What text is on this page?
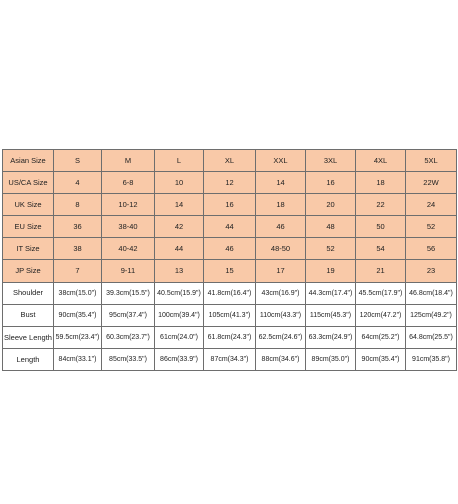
Asian Size	S	M	L	XL	XXL	3XL	4XL	5XL
US/CA Size	4	6-8	10	12	14	16	18	22W
UK Size	8	10-12	14	16	18	20	22	24
EU Size	36	38-40	42	44	46	48	50	52
IT Size	38	40-42	44	46	48-50	52	54	56
JP Size	7	9-11	13	15	17	19	21	23
Shoulder	38cm(15.0")	39.3cm(15.5")	40.5cm(15.9")	41.8cm(16.4")	43cm(16.9")	44.3cm(17.4")	45.5cm(17.9")	46.8cm(18.4")
Bust	90cm(35.4")	95cm(37.4")	100cm(39.4")	105cm(41.3")	110cm(43.3")	115cm(45.3")	120cm(47.2")	125cm(49.2")
Sleeve Length	59.5cm(23.4")	60.3cm(23.7")	61cm(24.0")	61.8cm(24.3")	62.5cm(24.6")	63.3cm(24.9")	64cm(25.2")	64.8cm(25.5")
Length	84cm(33.1")	85cm(33.5")	86cm(33.9")	87cm(34.3")	88cm(34.6")	89cm(35.0")	90cm(35.4")	91cm(35.8")
